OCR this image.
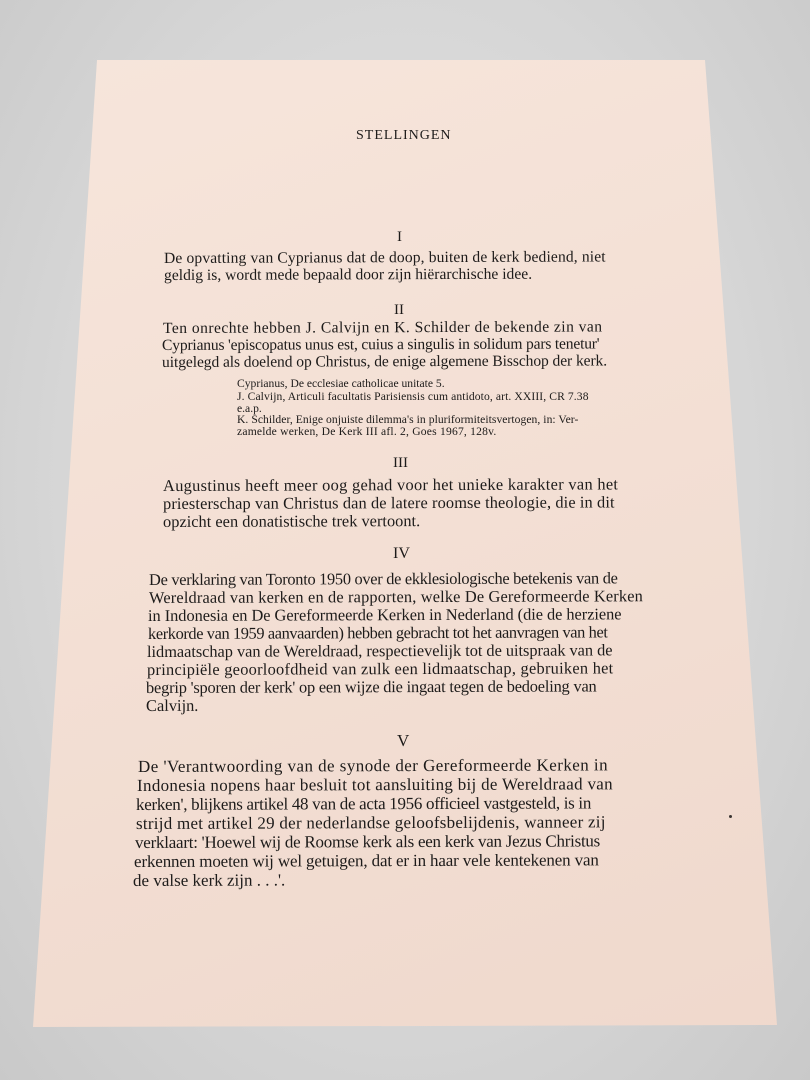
STELLINGEN
I
De opvatting van Cyprianus dat de doop, buiten de kerk bediend, niet
geldig is, wordt mede bepaald door zijn hiërarchische idee.
II
Ten onrechte hebben J. Calvijn en K. Schilder de bekende zin van
Cyprianus 'episcopatus unus est, cuius a singulis in solidum pars tenetur'
uitgelegd als doelend op Christus, de enige algemene Bisschop der kerk.
Cyprianus, De ecclesiae catholicae unitate 5.
J. Calvijn, Articuli facultatis Parisiensis cum antidoto, art. XXIII, CR 7.38
e.a.p.
K. Schilder, Enige onjuiste dilemma's in pluriformiteitsvertogen, in: Ver-
zamelde werken, De Kerk III afl. 2, Goes 1967, 128v.
III
Augustinus heeft meer oog gehad voor het unieke karakter van het
priesterschap van Christus dan de latere roomse theologie, die in dit
opzicht een donatistische trek vertoont.
IV
De verklaring van Toronto 1950 over de ekklesiologische betekenis van de
Wereldraad van kerken en de rapporten, welke De Gereformeerde Kerken
in Indonesia en De Gereformeerde Kerken in Nederland (die de herziene
kerkorde van 1959 aanvaarden) hebben gebracht tot het aanvragen van het
lidmaatschap van de Wereldraad, respectievelijk tot de uitspraak van de
principiële geoorloofdheid van zulk een lidmaatschap, gebruiken het
begrip 'sporen der kerk' op een wijze die ingaat tegen de bedoeling van
Calvijn.
V
De 'Verantwoording van de synode der Gereformeerde Kerken in
Indonesia nopens haar besluit tot aansluiting bij de Wereldraad van
kerken', blijkens artikel 48 van de acta 1956 officieel vastgesteld, is in
strijd met artikel 29 der nederlandse geloofsbelijdenis, wanneer zij
verklaart: 'Hoewel wij de Roomse kerk als een kerk van Jezus Christus
erkennen moeten wij wel getuigen, dat er in haar vele kentekenen van
de valse kerk zijn . . .'.
